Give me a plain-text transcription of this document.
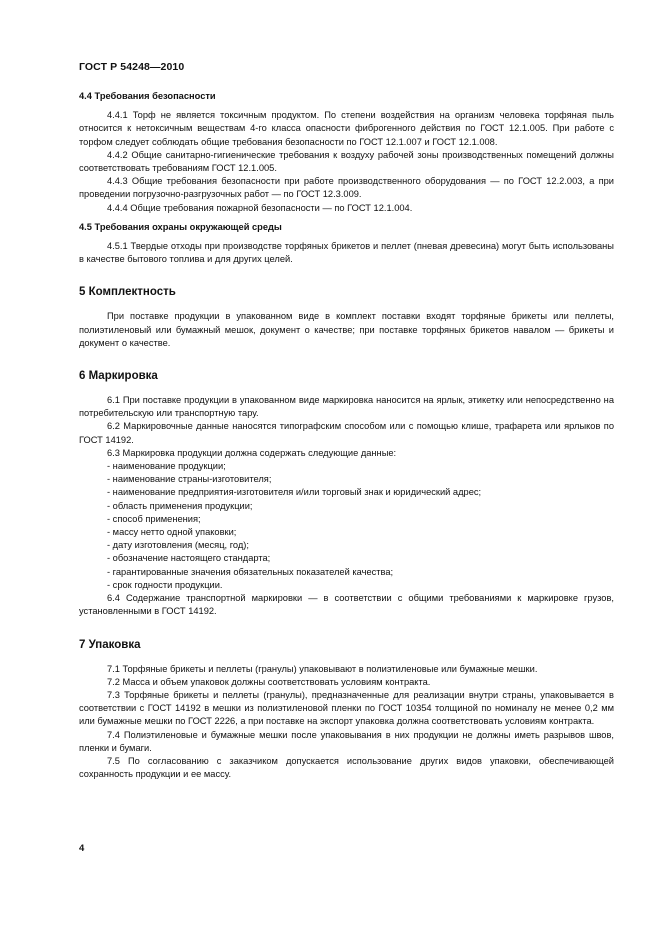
ГОСТ Р 54248—2010

4.4 Требования безопасности

4.4.1 Торф не является токсичным продуктом. По степени воздействия на организм человека торфяная пыль относится к нетоксичным веществам 4-го класса опасности фиброгенного действия по ГОСТ 12.1.005. При работе с торфом следует соблюдать общие требования безопасности по ГОСТ 12.1.007 и ГОСТ 12.1.008.

4.4.2 Общие санитарно-гигиенические требования к воздуху рабочей зоны производственных помещений должны соответствовать требованиям ГОСТ 12.1.005.

4.4.3 Общие требования безопасности при работе производственного оборудования — по ГОСТ 12.2.003, а при проведении погрузочно-разгрузочных работ — по ГОСТ 12.3.009.

4.4.4 Общие требования пожарной безопасности — по ГОСТ 12.1.004.

4.5 Требования охраны окружающей среды

4.5.1 Твердые отходы при производстве торфяных брикетов и пеллет (пневая древесина) могут быть использованы в качестве бытового топлива и для других целей.

5 Комплектность

При поставке продукции в упакованном виде в комплект поставки входят торфяные брикеты или пеллеты, полиэтиленовый или бумажный мешок, документ о качестве; при поставке торфяных брикетов навалом — брикеты и документ о качестве.

6 Маркировка

6.1 При поставке продукции в упакованном виде маркировка наносится на ярлык, этикетку или непосредственно на потребительскую или транспортную тару.

6.2 Маркировочные данные наносятся типографским способом или с помощью клише, трафарета или ярлыков по ГОСТ 14192.

6.3 Маркировка продукции должна содержать следующие данные:

- наименование продукции;

- наименование страны-изготовителя;

- наименование предприятия-изготовителя и/или торговый знак и юридический адрес;

- область применения продукции;

- способ применения;

- массу нетто одной упаковки;

- дату изготовления (месяц, год);

- обозначение настоящего стандарта;

- гарантированные значения обязательных показателей качества;

- срок годности продукции.

6.4 Содержание транспортной маркировки — в соответствии с общими требованиями к маркировке грузов, установленными в ГОСТ 14192.

7 Упаковка

7.1 Торфяные брикеты и пеллеты (гранулы) упаковывают в полиэтиленовые или бумажные мешки.

7.2 Масса и объем упаковок должны соответствовать условиям контракта.

7.3 Торфяные брикеты и пеллеты (гранулы), предназначенные для реализации внутри страны, упаковывается в соответствии с ГОСТ 14192 в мешки из полиэтиленовой пленки по ГОСТ 10354 толщиной по номиналу не менее 0,2 мм или бумажные мешки по ГОСТ 2226, а при поставке на экспорт упаковка должна соответствовать условиям контракта.

7.4 Полиэтиленовые и бумажные мешки после упаковывания в них продукции не должны иметь разрывов швов, пленки и бумаги.

7.5 По согласованию с заказчиком допускается использование других видов упаковки, обеспечивающей сохранность продукции и ее массу.

4
